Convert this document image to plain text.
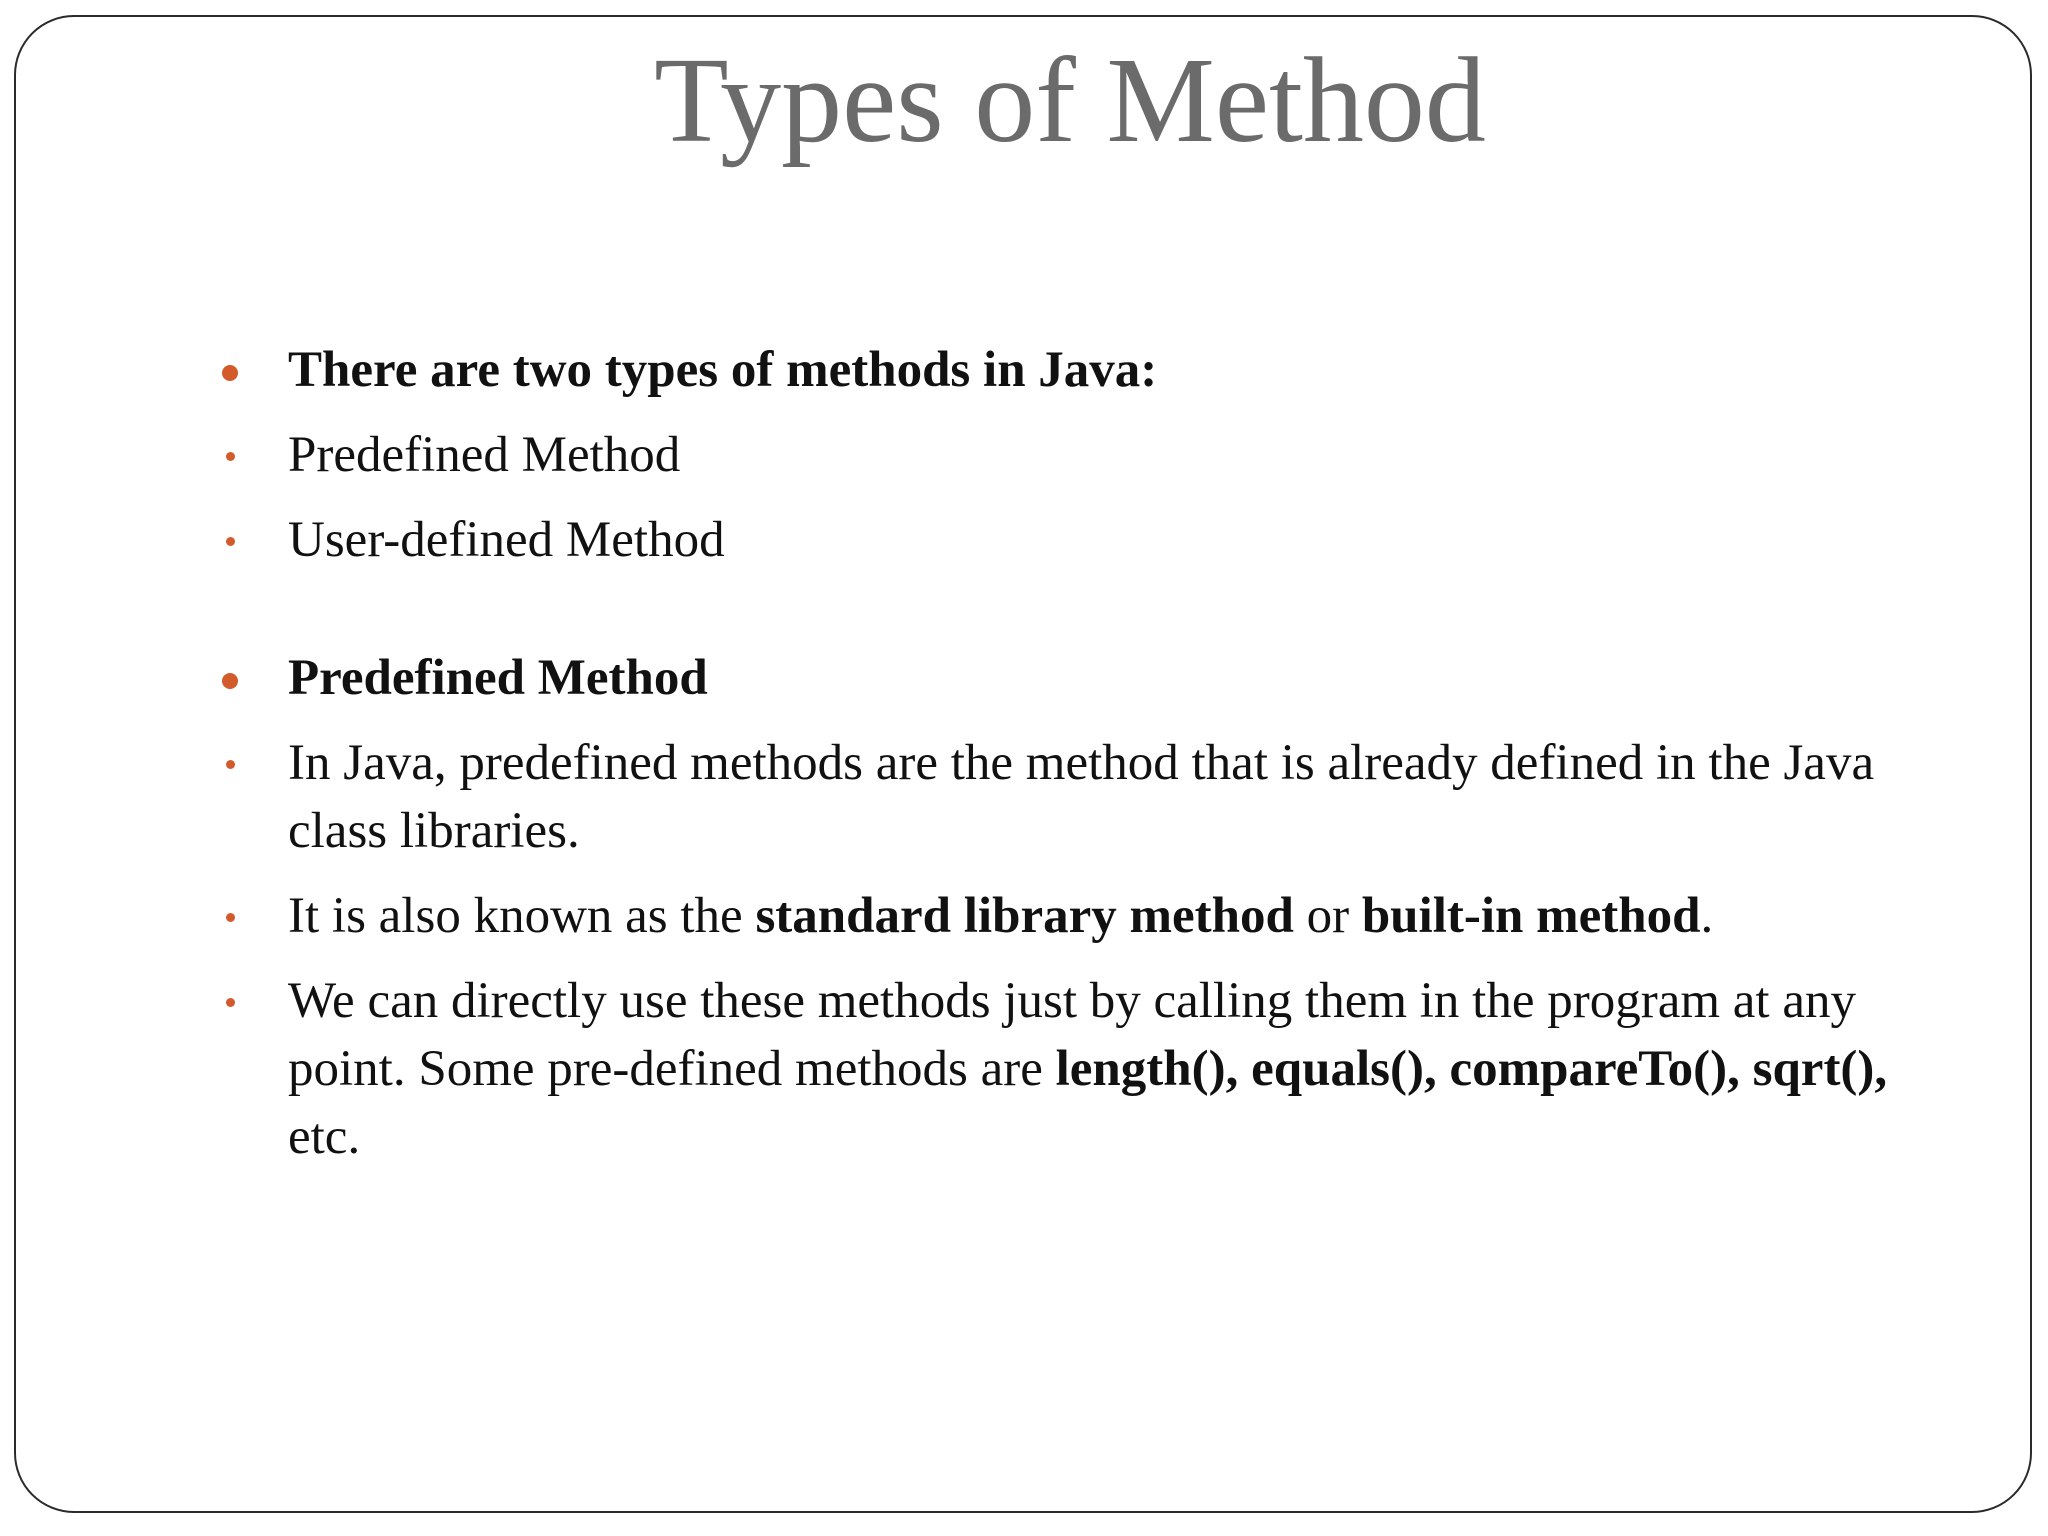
Types of Method
There are two types of methods in Java:
Predefined Method
User-defined Method
Predefined Method
In Java, predefined methods are the method that is already defined in the Java class libraries.
It is also known as the standard library method or built-in method.
We can directly use these methods just by calling them in the program at any point. Some pre-defined methods are length(), equals(), compareTo(), sqrt(), etc.
